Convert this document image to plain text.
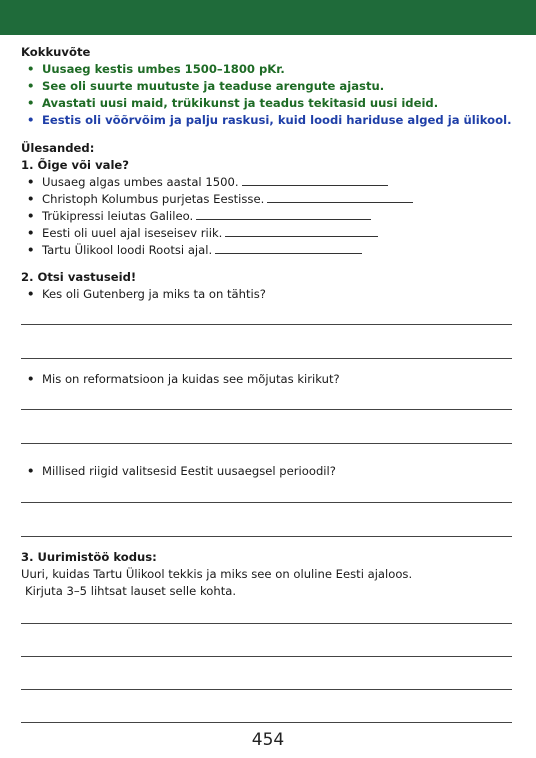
Kokkuvõte
• Uusaeg kestis umbes 1500–1800 pKr.
• See oli suurte muutuste ja teaduse arengute ajastu.
• Avastati uusi maid, trükikunst ja teadus tekitasid uusi ideid.
• Eestis oli võõrvõim ja palju raskusi, kuid loodi hariduse alged ja ülikool.
Ülesanded:
1. Õige või vale?
• Uusaeg algas umbes aastal 1500.
• Christoph Kolumbus purjetas Eestisse.
• Trükipressi leiutas Galileo.
• Eesti oli uuel ajal iseseisev riik.
• Tartu Ülikool loodi Rootsi ajal.
2. Otsi vastuseid!
• Kes oli Gutenberg ja miks ta on tähtis?
• Mis on reformatsioon ja kuidas see mõjutas kirikut?
• Millised riigid valitsesid Eestit uusaegsel perioodil?
3. Uurimistöö kodus:
Uuri, kuidas Tartu Ülikool tekkis ja miks see on oluline Eesti ajaloos.
Kirjuta 3–5 lihtsat lauset selle kohta.
454
